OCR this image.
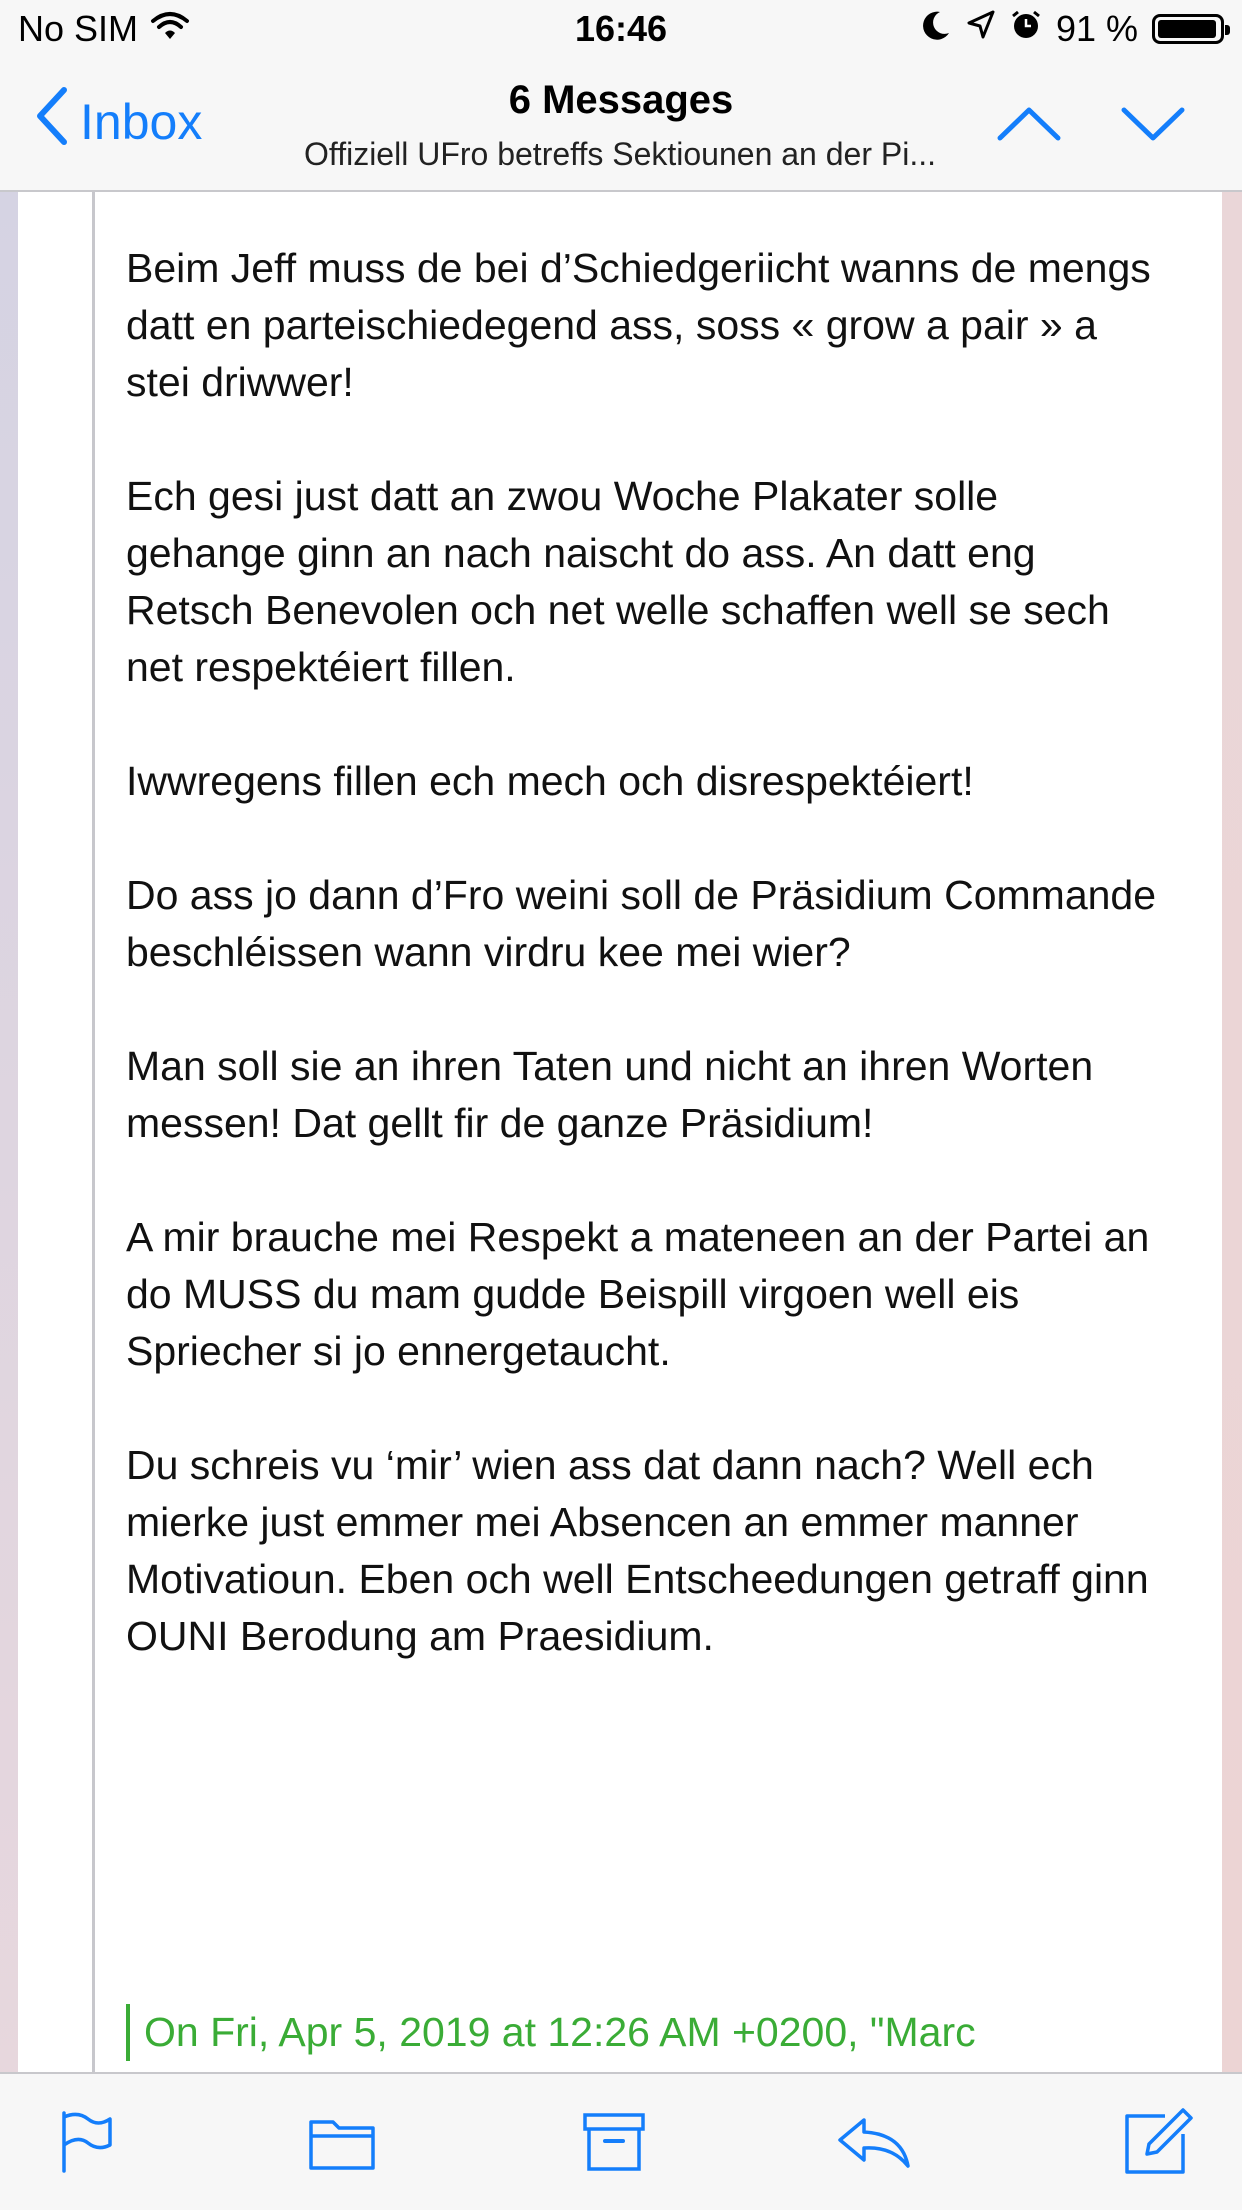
No SIM	16:46	91 %
Inbox	6 Messages
Offiziell UFro betreffs Sektiounen an der Pi...

Beim Jeff muss de bei d’Schiedgeriicht wanns de mengs datt en parteischiedegend ass, soss « grow a pair » a stei driwwer!

Ech gesi just datt an zwou Woche Plakater solle gehange ginn an nach naischt do ass. An datt eng Retsch Benevolen och net welle schaffen well se sech net respektéiert fillen.

Iwwregens fillen ech mech och disrespektéiert!

Do ass jo dann d’Fro weini soll de Präsidium Commande beschléissen wann virdru kee mei wier?

Man soll sie an ihren Taten und nicht an ihren Worten messen! Dat gellt fir de ganze Präsidium!

A mir brauche mei Respekt a mateneen an der Partei an do MUSS du mam gudde Beispill virgoen well eis Spriecher si jo ennergetaucht.

Du schreis vu ‘mir’ wien ass dat dann nach? Well ech mierke just emmer mei Absencen an emmer manner Motivatioun. Eben och well Entscheedungen getraff ginn OUNI Berodung am Praesidium.

On Fri, Apr 5, 2019 at 12:26 AM +0200, "Marc
